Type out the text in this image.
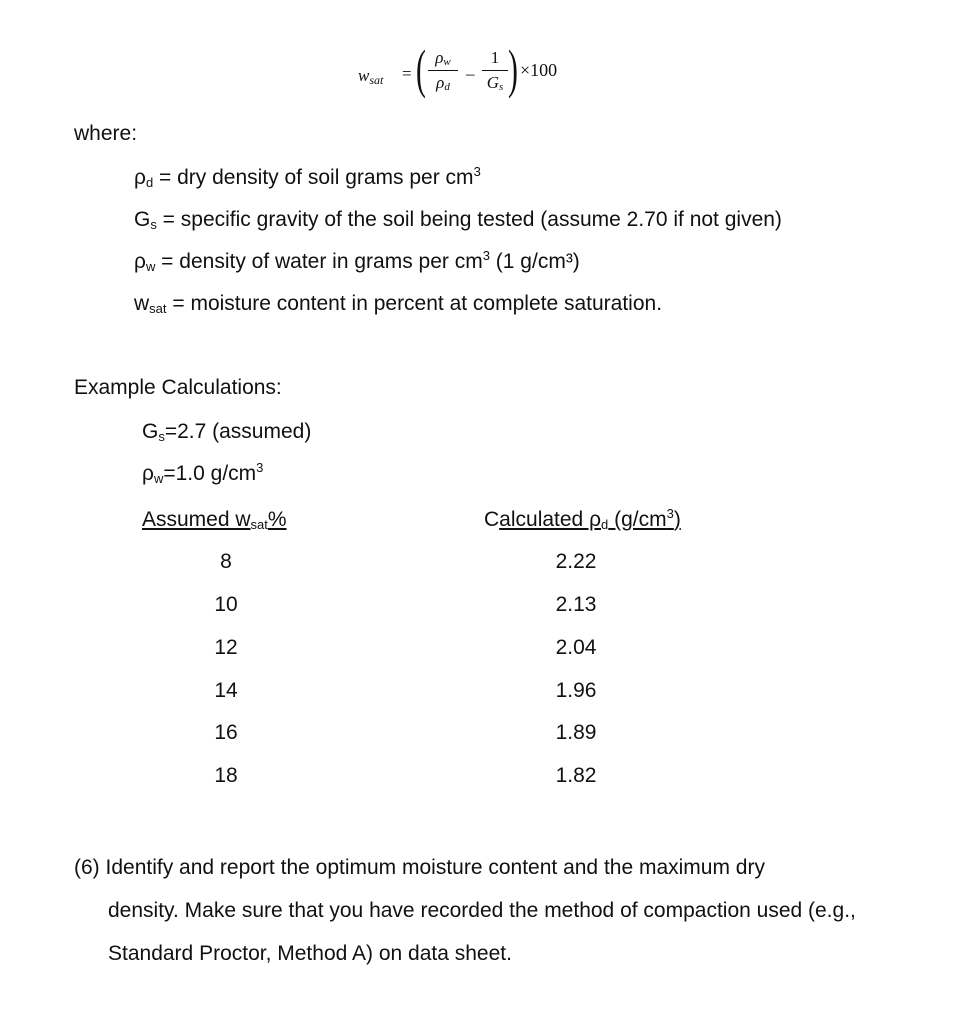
$w_{sat}$ = ( $\rho_w$
$\rho_d$
–
1
$G_s$ ) ×100
where:
$\rho_d$ = dry density of soil grams per $cm^3$
$G_s$ = specific gravity of the soil being tested (assume 2.70 if not given)
$\rho_w$ = density of water in grams per $cm^3$ (1 g/cm³)
$w_{sat}$ = moisture content in percent at complete saturation.
Example Calculations:
$G_s=2.7$ (assumed)
$\rho_w=1.0$ $g/cm^3$
Assumed $w_{sat}\%$	Calculated $\rho_d$ $(g/cm^3)$
8	2.22
10	2.13
12	2.04
14	1.96
16	1.89
18	1.82
(6) Identify and report the optimum moisture content and the maximum dry
density. Make sure that you have recorded the method of compaction used (e.g., Standard Proctor, Method A) on data sheet.
